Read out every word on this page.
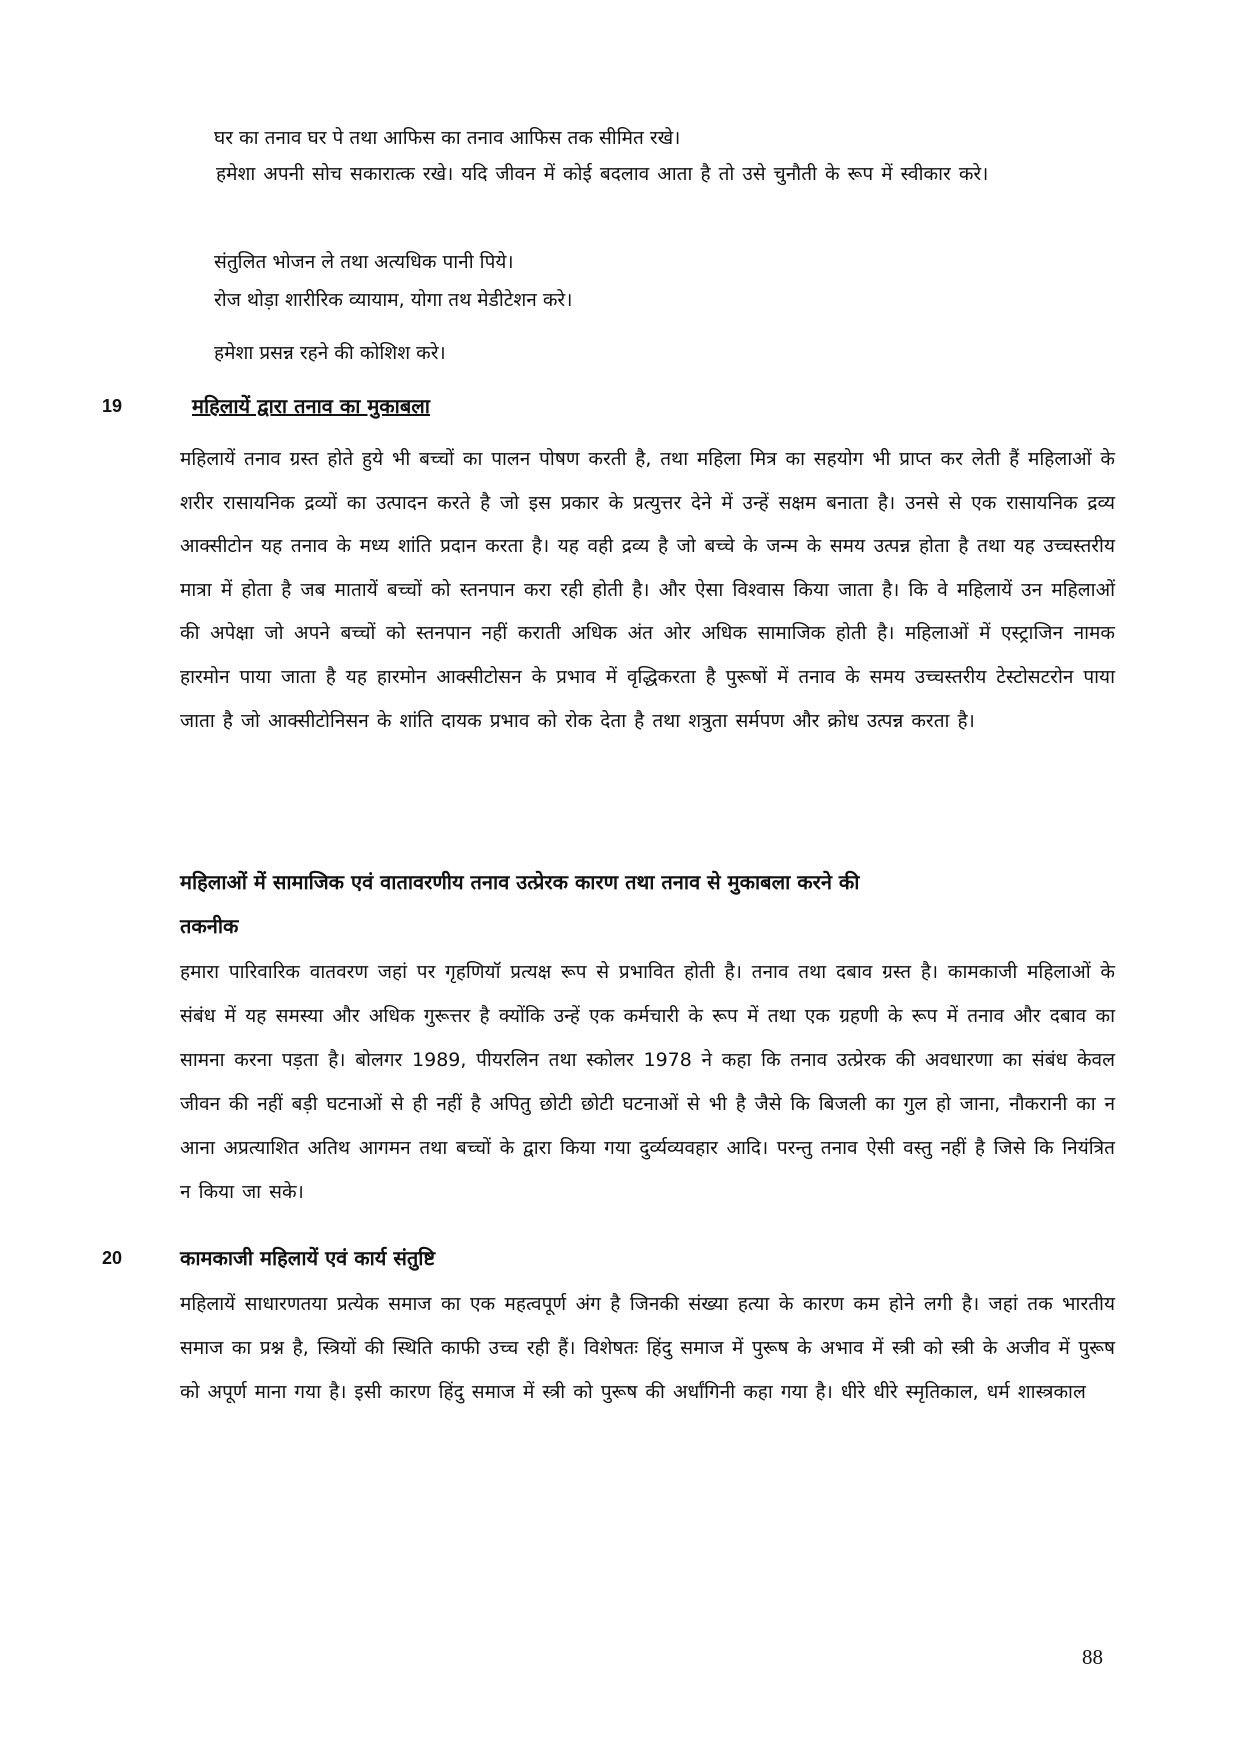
घर का तनाव घर पे तथा आफिस का तनाव आफिस तक सीमित रखे।
हमेशा अपनी सोच सकारात्क रखे। यदि जीवन में कोई बदलाव आता है तो उसे चुनौती के रूप में स्वीकार करे।
संतुलित भोजन ले तथा अत्यधिक पानी पिये।
रोज थोड़ा शारीरिक व्यायाम, योगा तथ मेडीटेशन करे।
हमेशा प्रसन्न रहने की कोशिश करे।
19	महिलायें द्वारा तनाव का मुकाबला
महिलायें तनाव ग्रस्त होते हुये भी बच्चों का पालन पोषण करती है, तथा महिला मित्र का सहयोग भी प्राप्त कर लेती हैं महिलाओं के शरीर रासायनिक द्रव्यों का उत्पादन करते है जो इस प्रकार के प्रत्युत्तर देने में उन्हें सक्षम बनाता है। उनसे से एक रासायनिक द्रव्य आक्सीटोन यह तनाव के मध्य शांति प्रदान करता है। यह वही द्रव्य है जो बच्चे के जन्म के समय उत्पन्न होता है तथा यह उच्चस्तरीय मात्रा में होता है जब मातायें बच्चों को स्तनपान करा रही होती है। और ऐसा विश्वास किया जाता है। कि वे महिलायें उन महिलाओं की अपेक्षा जो अपने बच्चों को स्तनपान नहीं कराती अधिक अंत ओर अधिक सामाजिक होती है। महिलाओं में एस्ट्राजिन नामक हारमोन पाया जाता है यह हारमोन आक्सीटोसन के प्रभाव में वृद्धिकरता है पुरूषों में तनाव के समय उच्चस्तरीय टेस्टोसटरोन पाया जाता है जो आक्सीटोनिसन के शांति दायक प्रभाव को रोक देता है तथा शत्रुता सर्मपण और क्रोध उत्पन्न करता है।
महिलाओं में सामाजिक एवं वातावरणीय तनाव उत्प्रेरक कारण तथा तनाव से मुकाबला करने की
तकनीक
हमारा पारिवारिक वातवरण जहां पर गृहणियॉ प्रत्यक्ष रूप से प्रभावित होती है। तनाव तथा दबाव ग्रस्त है। कामकाजी महिलाओं के संबंध में यह समस्या और अधिक गुरूत्तर है क्योंकि उन्हें एक कर्मचारी के रूप में तथा एक ग्रहणी के रूप में तनाव और दबाव का सामना करना पड़ता है। बोलगर 1989, पीयरलिन तथा स्कोलर 1978 ने कहा कि तनाव उत्प्रेरक की अवधारणा का संबंध केवल जीवन की नहीं बड़ी घटनाओं से ही नहीं है अपितु छोटी छोटी घटनाओं से भी है जैसे कि बिजली का गुल हो जाना, नौकरानी का न आना अप्रत्याशित अतिथ आगमन तथा बच्चों के द्वारा किया गया दुर्व्यव्यवहार आदि। परन्तु तनाव ऐसी वस्तु नहीं है जिसे कि नियंत्रित न किया जा सके।
20	कामकाजी महिलायें एवं कार्य संतुष्टि
महिलायें साधारणतया प्रत्येक समाज का एक महत्वपूर्ण अंग है जिनकी संख्या हत्या के कारण कम होने लगी है। जहां तक भारतीय समाज का प्रश्न है, स्त्रियों की स्थिति काफी उच्च रही हैं। विशेषतः हिंदु समाज में पुरूष के अभाव में स्त्री को स्त्री के अजीव में पुरूष को अपूर्ण माना गया है। इसी कारण हिंदु समाज में स्त्री को पुरूष की अर्धांगिनी कहा गया है। धीरे धीरे स्मृतिकाल, धर्म शास्त्रकाल
88
